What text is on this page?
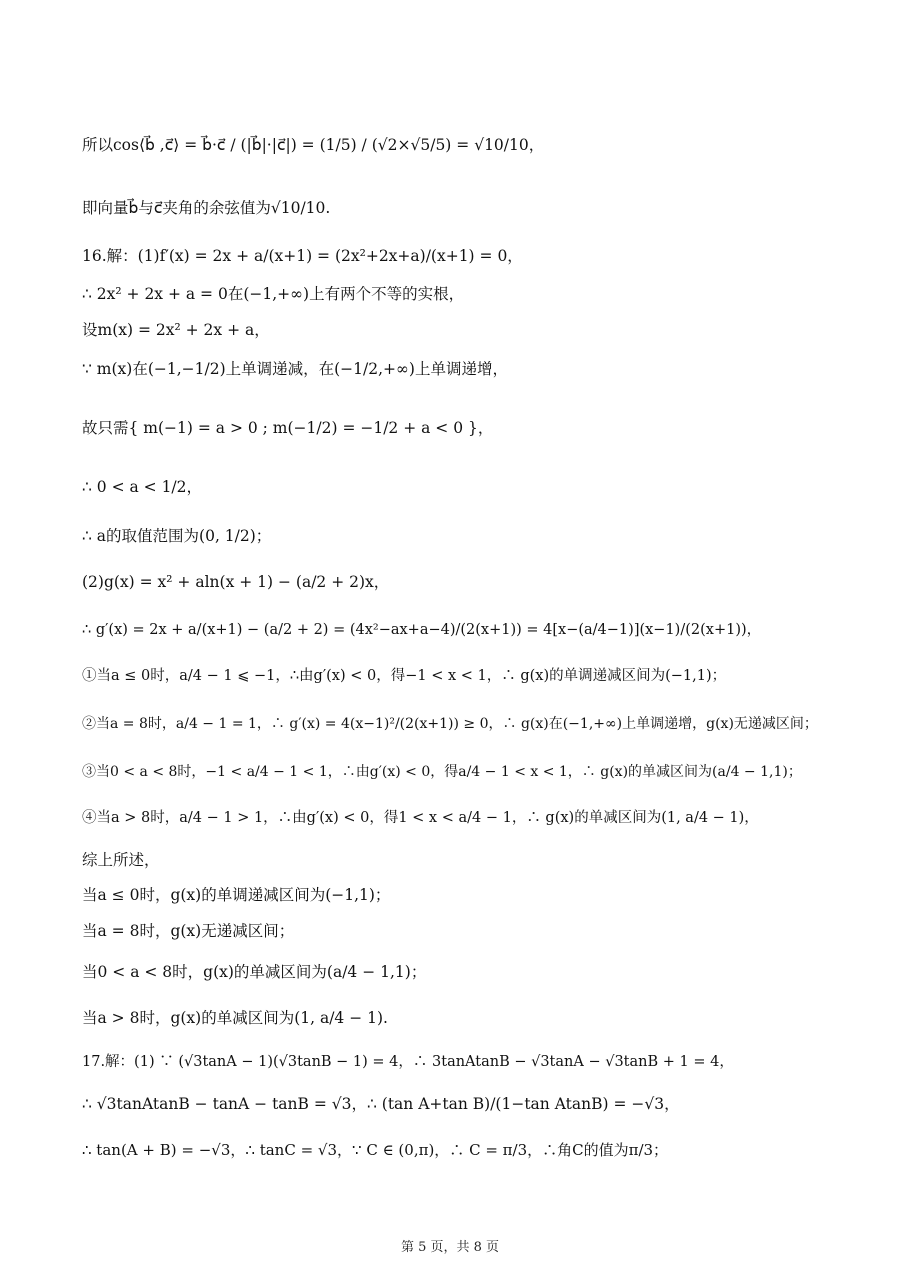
所以cos⟨b⃗ ,c⃗⟩ = b⃗·c⃗ / (|b⃗|·|c⃗|) = (1/5) / (√2×√5/5) = √10/10，
即向量b⃗与c⃗夹角的余弦值为√10/10.
16.解：(1)f′(x) = 2x + a/(x+1) = (2x²+2x+a)/(x+1) = 0，
∴ 2x² + 2x + a = 0在(−1,+∞)上有两个不等的实根，
设m(x) = 2x² + 2x + a，
∵ m(x)在(−1,−1/2)上单调递减，在(−1/2,+∞)上单调递增，
故只需{ m(−1) = a > 0 ; m(−1/2) = −1/2 + a < 0 }，
∴ 0 < a < 1/2，
∴ a的取值范围为(0, 1/2)；
(2)g(x) = x² + aln(x + 1) − (a/2 + 2)x，
∴ g′(x) = 2x + a/(x+1) − (a/2 + 2) = (4x²−ax+a−4)/(2(x+1)) = 4[x−(a/4−1)](x−1)/(2(x+1))，
①当a ≤ 0时，a/4 − 1 ⩽ −1，∴由g′(x) < 0，得−1 < x < 1，∴ g(x)的单调递减区间为(−1,1)；
②当a = 8时，a/4 − 1 = 1，∴ g′(x) = 4(x−1)²/(2(x+1)) ≥ 0，∴ g(x)在(−1,+∞)上单调递增，g(x)无递减区间；
③当0 < a < 8时，−1 < a/4 − 1 < 1，∴由g′(x) < 0，得a/4 − 1 < x < 1，∴ g(x)的单减区间为(a/4 − 1,1)；
④当a > 8时，a/4 − 1 > 1，∴由g′(x) < 0，得1 < x < a/4 − 1，∴ g(x)的单减区间为(1, a/4 − 1)，
综上所述，
当a ≤ 0时，g(x)的单调递减区间为(−1,1)；
当a = 8时，g(x)无递减区间；
当0 < a < 8时，g(x)的单减区间为(a/4 − 1,1)；
当a > 8时，g(x)的单减区间为(1, a/4 − 1).
17.解：(1) ∵ (√3tanA − 1)(√3tanB − 1) = 4，∴ 3tanAtanB − √3tanA − √3tanB + 1 = 4，
∴ √3tanAtanB − tanA − tanB = √3，∴ (tan A+tan B)/(1−tan AtanB) = −√3，
∴ tan(A + B) = −√3，∴ tanC = √3，∵ C ∈ (0,π)，∴ C = π/3，∴角C的值为π/3；
第 5 页，共 8 页
